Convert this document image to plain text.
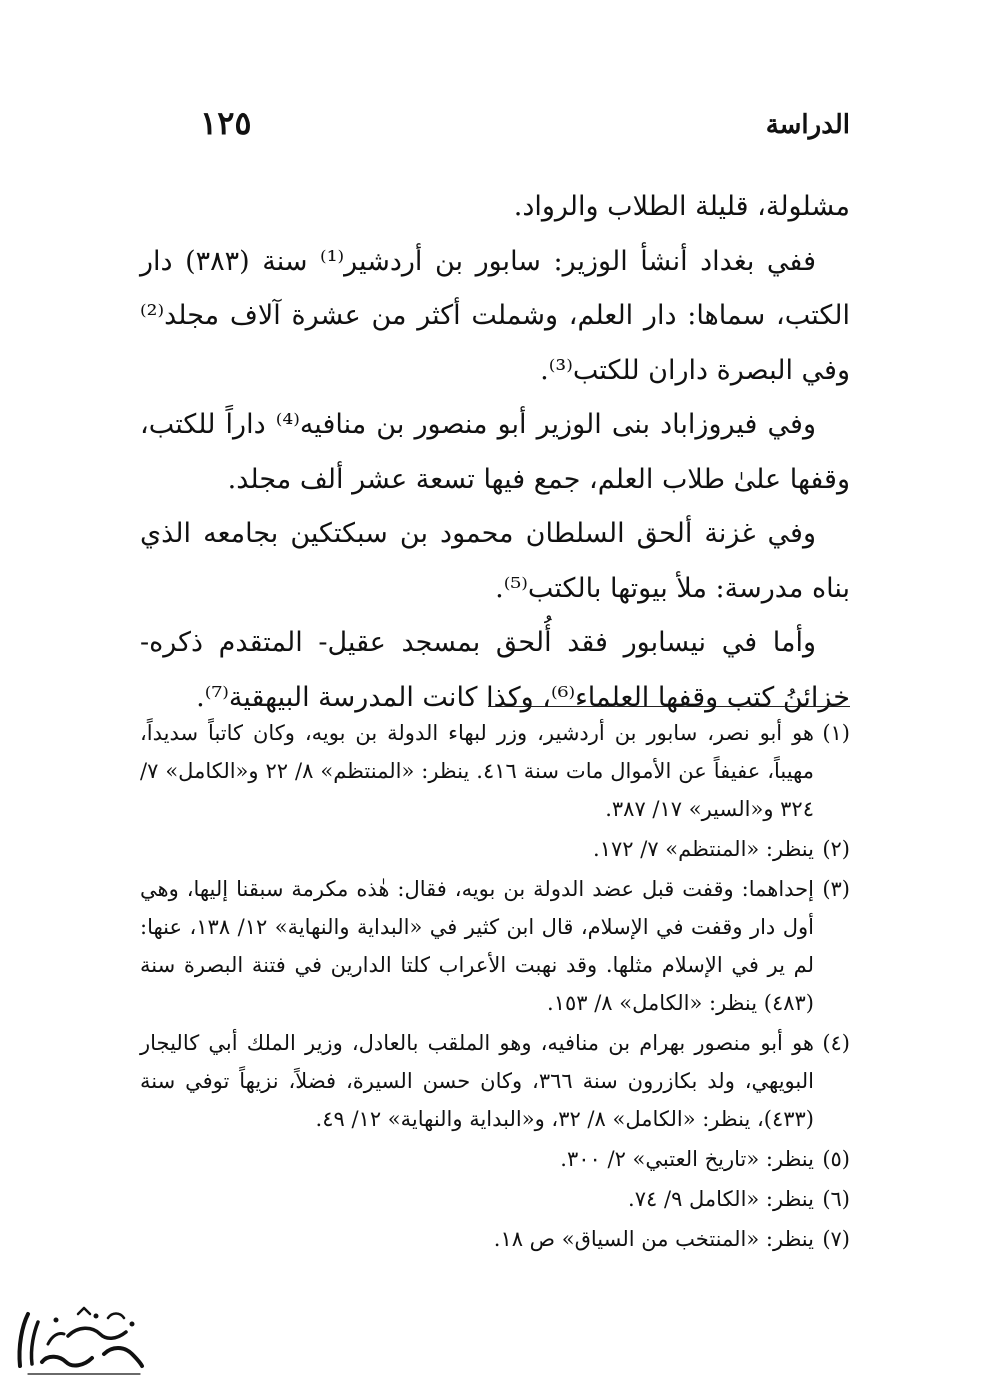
الدراسة
١٢٥

مشلولة، قليلة الطلاب والرواد.

ففي بغداد أنشأ الوزير: سابور بن أردشير⁽¹⁾ سنة (٣٨٣) دار الكتب، سماها: دار العلم، وشملت أكثر من عشرة آلاف مجلد⁽²⁾ وفي البصرة داران للكتب⁽³⁾.

وفي فيروزاباد بنى الوزير أبو منصور بن منافيه⁽⁴⁾ داراً للكتب، وقفها علىٰ طلاب العلم، جمع فيها تسعة عشر ألف مجلد.

وفي غزنة ألحق السلطان محمود بن سبكتكين بجامعه الذي بناه مدرسة: ملأ بيوتها بالكتب⁽⁵⁾.

وأما في نيسابور فقد أُلحق بمسجد عقيل- المتقدم ذكره- خزائنُ كتب وقفها العلماء⁽⁶⁾، وكذا كانت المدرسة البيهقية⁽⁷⁾.

(١)
هو أبو نصر، سابور بن أردشير، وزر لبهاء الدولة بن بويه، وكان كاتباً سديداً، مهيباً، عفيفاً عن الأموال مات سنة ٤١٦. ينظر: «المنتظم» ٨/ ٢٢ و«الكامل» ٧/ ٣٢٤ و«السير» ١٧/ ٣٨٧.
(٢)
ينظر: «المنتظم» ٧/ ١٧٢.
(٣)
إحداهما: وقفت قبل عضد الدولة بن بويه، فقال: هٰذه مكرمة سبقنا إليها، وهي أول دار وقفت في الإسلام، قال ابن كثير في «البداية والنهاية» ١٢/ ١٣٨، عنها: لم ير في الإسلام مثلها. وقد نهبت الأعراب كلتا الدارين في فتنة البصرة سنة (٤٨٣) ينظر: «الكامل» ٨/ ١٥٣.
(٤)
هو أبو منصور بهرام بن منافيه، وهو الملقب بالعادل، وزير الملك أبي كاليجار البويهي، ولد بكازرون سنة ٣٦٦، وكان حسن السيرة، فضلاً، نزيهاً توفي سنة (٤٣٣)، ينظر: «الكامل» ٨/ ٣٢، و«البداية والنهاية» ١٢/ ٤٩.
(٥)
ينظر: «تاريخ العتبي» ٢/ ٣٠٠.
(٦)
ينظر: «الكامل ٩/ ٧٤.
(٧)
ينظر: «المنتخب من السياق» ص ١٨.
